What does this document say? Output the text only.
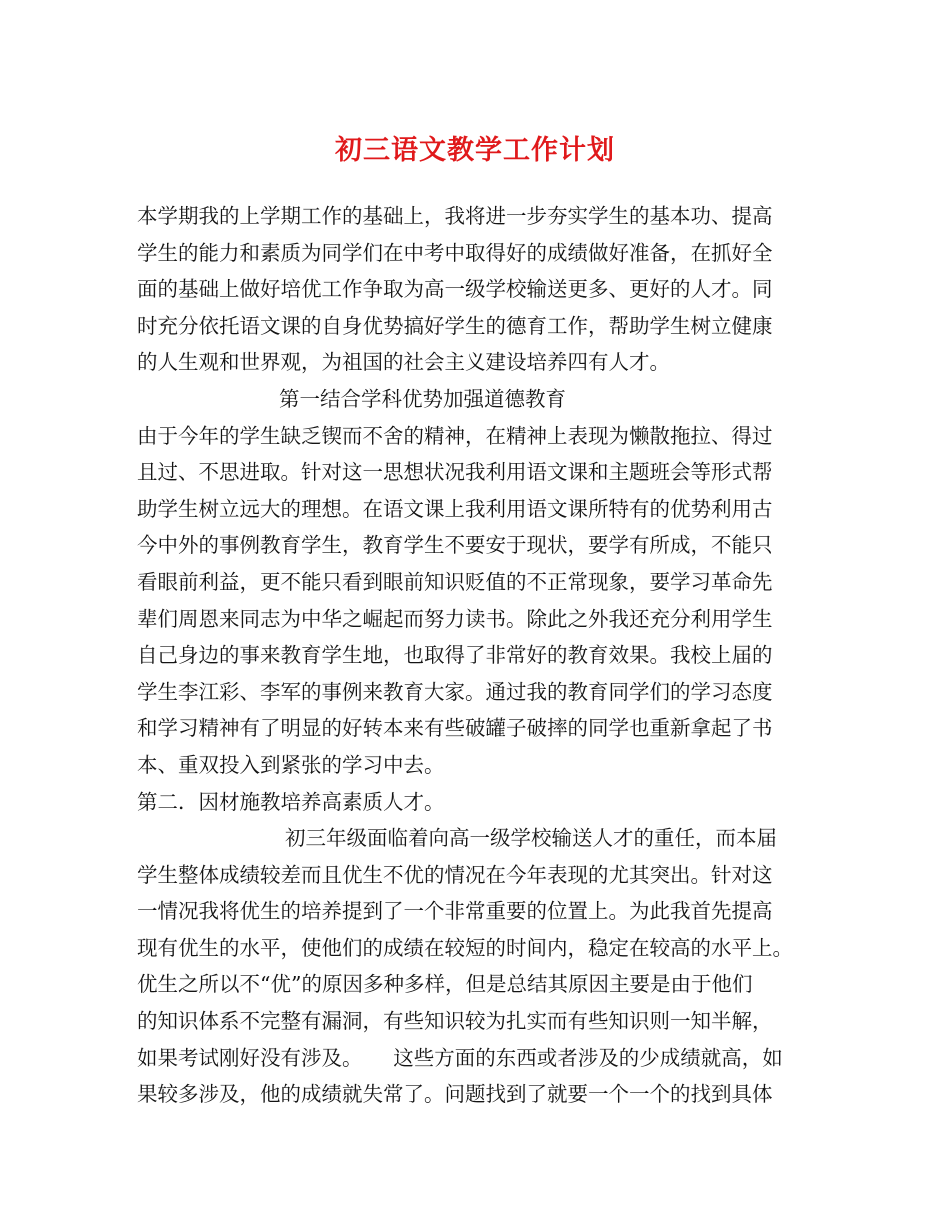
初三语文教学工作计划
本学期我的上学期工作的基础上，我将进一步夯实学生的基本功、提高
学生的能力和素质为同学们在中考中取得好的成绩做好准备，在抓好全
面的基础上做好培优工作争取为高一级学校输送更多、更好的人才。同
时充分依托语文课的自身优势搞好学生的德育工作，帮助学生树立健康
的人生观和世界观，为祖国的社会主义建设培养四有人才。
第一结合学科优势加强道德教育
由于今年的学生缺乏锲而不舍的精神，在精神上表现为懒散拖拉、得过
且过、不思进取。针对这一思想状况我利用语文课和主题班会等形式帮
助学生树立远大的理想。在语文课上我利用语文课所特有的优势利用古
今中外的事例教育学生，教育学生不要安于现状，要学有所成，不能只
看眼前利益，更不能只看到眼前知识贬值的不正常现象，要学习革命先
辈们周恩来同志为中华之崛起而努力读书。除此之外我还充分利用学生
自己身边的事来教育学生地，也取得了非常好的教育效果。我校上届的
学生李江彩、李军的事例来教育大家。通过我的教育同学们的学习态度
和学习精神有了明显的好转本来有些破罐子破摔的同学也重新拿起了书
本、重双投入到紧张的学习中去。
第二．因材施教培养高素质人才。
初三年级面临着向高一级学校输送人才的重任，而本届
学生整体成绩较差而且优生不优的情况在今年表现的尤其突出。针对这
一情况我将优生的培养提到了一个非常重要的位置上。为此我首先提高
现有优生的水平，使他们的成绩在较短的时间内，稳定在较高的水平上。
优生之所以不“优”的原因多种多样，但是总结其原因主要是由于他们
的知识体系不完整有漏洞，有些知识较为扎实而有些知识则一知半解，
如果考试刚好没有涉及。　　这些方面的东西或者涉及的少成绩就高，如
果较多涉及，他的成绩就失常了。问题找到了就要一个一个的找到具体
